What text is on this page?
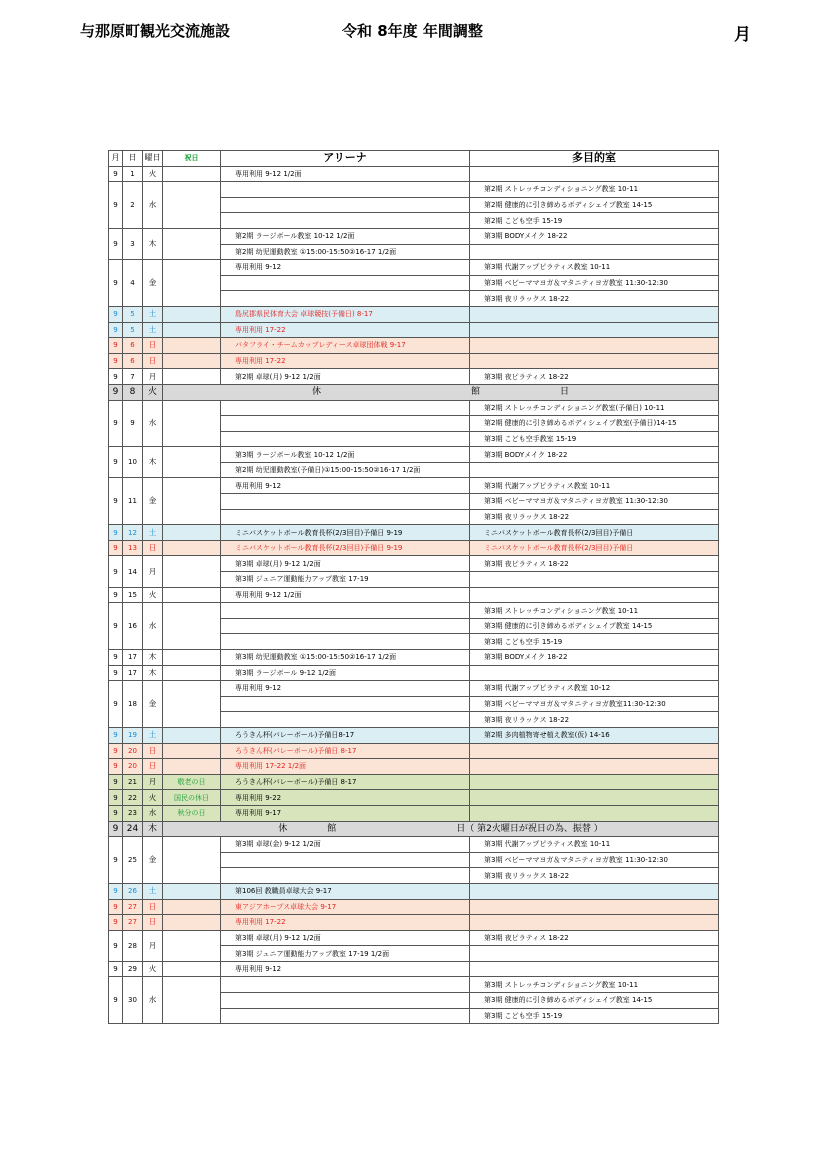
与那原町観光交流施設	令和 8年度 年間調整	月
月	日	曜日	祝日	アリーナ	多目的室
9	1	火		専用利用 9-12 1/2面	
9	2	水			第2期 ストレッチコンディショニング教室 10-11
					第2期 健康的に引き締めるボディシェイプ教室 14-15
					第2期 こども空手 15-19
9	3	木		第2期 ラージボール教室 10-12 1/2面	第3期 BODYメイク 18-22
				第2期 幼児運動教室 ①15:00-15:50②16-17 1/2面	
9	4	金		専用利用 9-12	第3期 代謝アップピラティス教室 10-11
					第3期 ベビーママヨガ＆マタニティヨガ教室 11:30-12:30
					第3期 夜リラックス 18-22
9	5	土		島尻郡県民体育大会 卓球競技(予備日) 8-17	
9	5	土		専用利用 17-22	
9	6	日		バタフライ・チームカップレディース卓球団体戦 9-17	
9	6	日		専用利用 17-22	
9	7	月		第2期 卓球(月) 9-12 1/2面	第3期 夜ピラティス 18-22
9	8	火	休 館 日		
9	9	水			第2期 ストレッチコンディショニング教室(予備日) 10-11
					第2期 健康的に引き締めるボディシェイプ教室(予備日)14-15
					第3期 こども空手教室 15-19
9	10	木		第3期 ラージボール教室 10-12 1/2面	第3期 BODYメイク 18-22
				第2期 幼児運動教室(予備日)①15:00-15:50②16-17 1/2面	
9	11	金		専用利用 9-12	第3期 代謝アップピラティス教室 10-11
					第3期 ベビーママヨガ＆マタニティヨガ教室 11:30-12:30
					第3期 夜リラックス 18-22
9	12	土		ミニバスケットボール教育長杯(2/3回目)予備日 9-19	ミニバスケットボール教育長杯(2/3回目)予備日
9	13	日		ミニバスケットボール教育長杯(2/3回目)予備日 9-19	ミニバスケットボール教育長杯(2/3回目)予備日
9	14	月		第3期 卓球(月) 9-12 1/2面	第3期 夜ピラティス 18-22
				第3期 ジュニア運動能力アップ教室 17-19	
9	15	火		専用利用 9-12 1/2面	
9	16	水			第3期 ストレッチコンディショニング教室 10-11
					第3期 健康的に引き締めるボディシェイプ教室 14-15
					第3期 こども空手 15-19
9	17	木		第3期 幼児運動教室 ①15:00-15:50②16-17 1/2面	第3期 BODYメイク 18-22
9	17	木		第3期 ラージボール 9-12 1/2面	
9	18	金		専用利用 9-12	第3期 代謝アップピラティス教室 10-12
					第3期 ベビーママヨガ＆マタニティヨガ教室11:30-12:30
					第3期 夜リラックス 18-22
9	19	土		ろうきん杯(バレーボール)予備日8-17	第2期 多肉植物寄せ植え教室(仮) 14-16
9	20	日		ろうきん杯(バレーボール)予備日 8-17	
9	20	日		専用利用 17-22 1/2面	
9	21	月	敬老の日	ろうきん杯(バレーボール)予備日 8-17	
9	22	火	国民の休日	専用利用 9-22	
9	23	水	秋分の日	専用利用 9-17	
9	24	木	休 館 日（ 第2火曜日が祝日の為、振替 ）		
9	25	金		第3期 卓球(金) 9-12 1/2面	第3期 代謝アップピラティス教室 10-11
					第3期 ベビーママヨガ＆マタニティヨガ教室 11:30-12:30
					第3期 夜リラックス 18-22
9	26	土		第106回 教職員卓球大会 9-17	
9	27	日		東アジアホープス卓球大会 9-17	
9	27	日		専用利用 17-22	
9	28	月		第3期 卓球(月) 9-12 1/2面	第3期 夜ピラティス 18-22
				第3期 ジュニア運動能力アップ教室 17-19 1/2面	
9	29	火		専用利用 9-12	
9	30	水			第3期 ストレッチコンディショニング教室 10-11
					第3期 健康的に引き締めるボディシェイプ教室 14-15
					第3期 こども空手 15-19
